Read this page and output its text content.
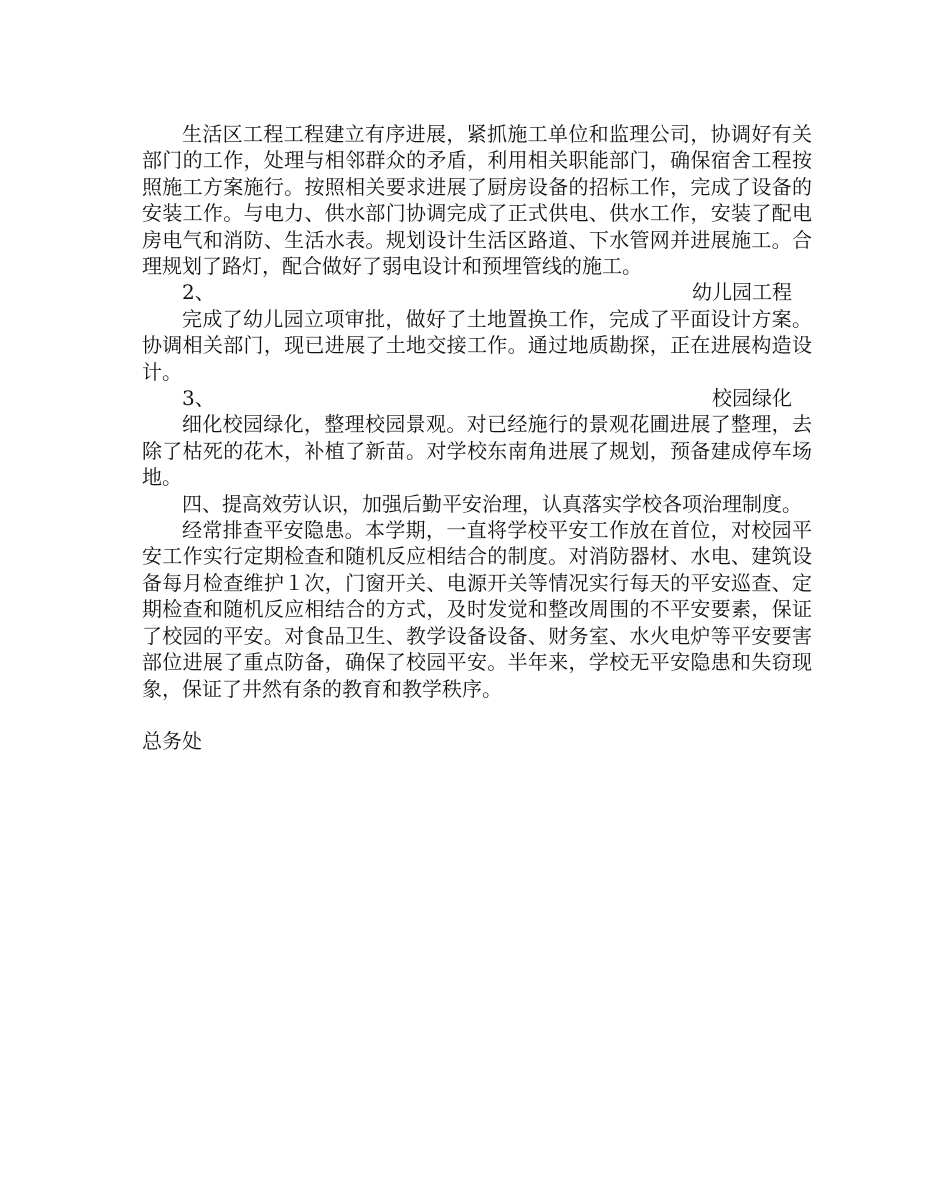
生活区工程工程建立有序进展，紧抓施工单位和监理公司，协调好有关部门的工作，处理与相邻群众的矛盾，利用相关职能部门，确保宿舍工程按照施工方案施行。按照相关要求进展了厨房设备的招标工作，完成了设备的安装工作。与电力、供水部门协调完成了正式供电、供水工作，安装了配电房电气和消防、生活水表。规划设计生活区路道、下水管网并进展施工。合理规划了路灯，配合做好了弱电设计和预埋管线的施工。

2、	幼儿园工程

完成了幼儿园立项审批，做好了土地置换工作，完成了平面设计方案。协调相关部门，现已进展了土地交接工作。通过地质勘探，正在进展构造设计。

3、	校园绿化

细化校园绿化，整理校园景观。对已经施行的景观花圃进展了整理，去除了枯死的花木，补植了新苗。对学校东南角进展了规划，预备建成停车场地。

四、提高效劳认识，加强后勤平安治理，认真落实学校各项治理制度。

经常排查平安隐患。本学期，一直将学校平安工作放在首位，对校园平安工作实行定期检查和随机反应相结合的制度。对消防器材、水电、建筑设备每月检查维护１次，门窗开关、电源开关等情况实行每天的平安巡查、定期检查和随机反应相结合的方式，及时发觉和整改周围的不平安要素，保证了校园的平安。对食品卫生、教学设备设备、财务室、水火电炉等平安要害部位进展了重点防备，确保了校园平安。半年来，学校无平安隐患和失窃现象，保证了井然有条的教育和教学秩序。

总务处
